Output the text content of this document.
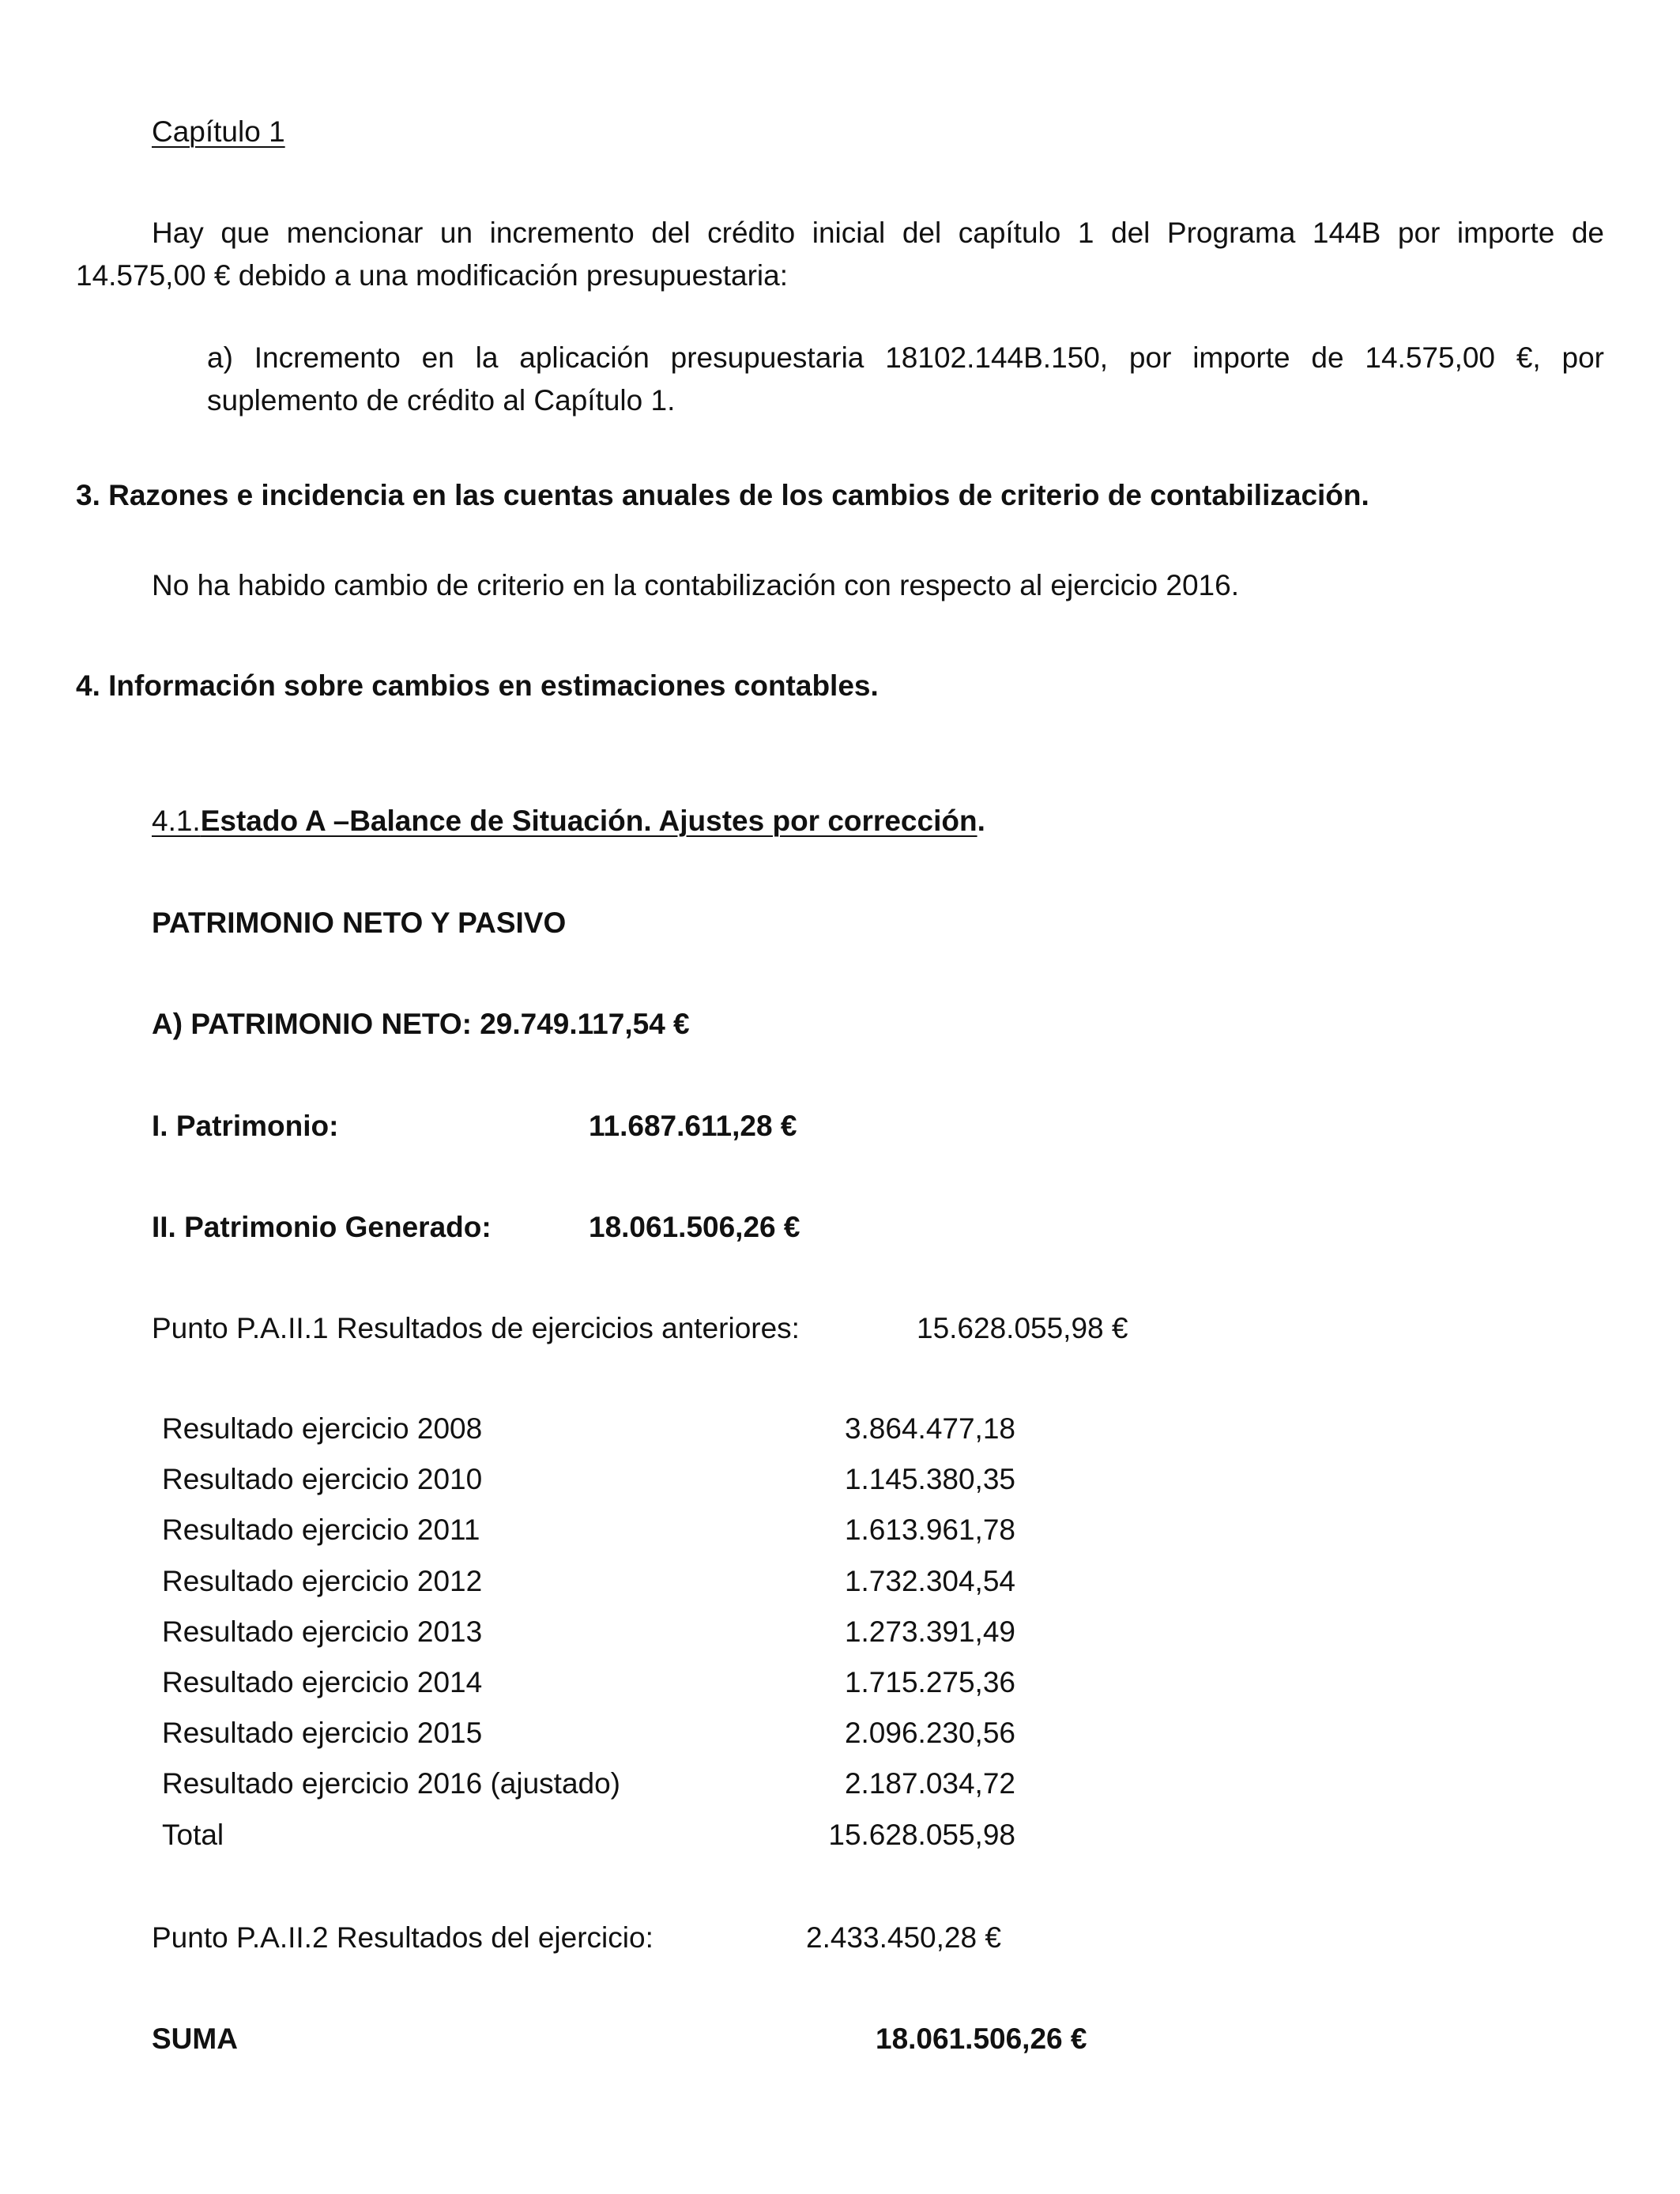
Capítulo 1
Hay que mencionar un incremento del crédito inicial del capítulo 1 del Programa 144B por importe de
14.575,00 € debido a una modificación presupuestaria:
a) Incremento en la aplicación presupuestaria 18102.144B.150, por importe de 14.575,00 €, por
suplemento de crédito al Capítulo 1.
3. Razones e incidencia en las cuentas anuales de los cambios de criterio de contabilización.
No ha habido cambio de criterio en la contabilización con respecto al ejercicio 2016.
4. Información sobre cambios en estimaciones contables.
4.1.Estado A –Balance de Situación. Ajustes por corrección.
PATRIMONIO NETO Y PASIVO
A) PATRIMONIO NETO: 29.749.117,54 €
I. Patrimonio:	11.687.611,28 €
II. Patrimonio Generado:	18.061.506,26 €
Punto P.A.II.1 Resultados de ejercicios anteriores:	15.628.055,98 €
Resultado ejercicio 2008	3.864.477,18
Resultado ejercicio 2010	1.145.380,35
Resultado ejercicio 2011	1.613.961,78
Resultado ejercicio 2012	1.732.304,54
Resultado ejercicio 2013	1.273.391,49
Resultado ejercicio 2014	1.715.275,36
Resultado ejercicio 2015	2.096.230,56
Resultado ejercicio 2016 (ajustado)	2.187.034,72
Total	15.628.055,98
Punto P.A.II.2 Resultados del ejercicio:	2.433.450,28 €
SUMA	18.061.506,26 €
